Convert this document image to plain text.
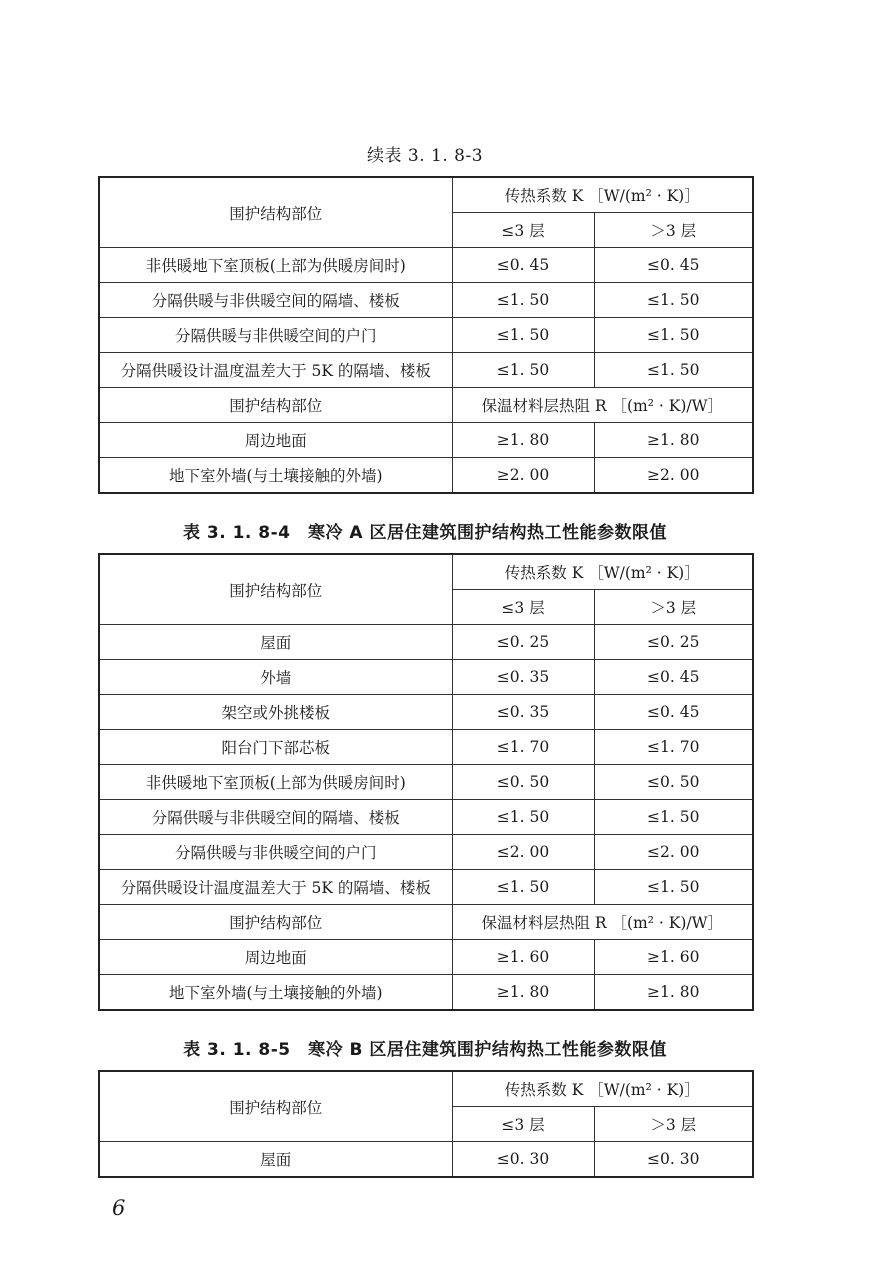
续表 3. 1. 8-3
围护结构部位	传热系数 K ［W/(m² · K)］	
	≤3 层	＞3 层
非供暖地下室顶板(上部为供暖房间时)	≤0. 45	≤0. 45
分隔供暖与非供暖空间的隔墙、楼板	≤1. 50	≤1. 50
分隔供暖与非供暖空间的户门	≤1. 50	≤1. 50
分隔供暖设计温度温差大于 5K 的隔墙、楼板	≤1. 50	≤1. 50
围护结构部位	保温材料层热阻 R ［(m² · K)/W］	
周边地面	≥1. 80	≥1. 80
地下室外墙(与土壤接触的外墙)	≥2. 00	≥2. 00
表 3. 1. 8-4　寒冷 A 区居住建筑围护结构热工性能参数限值
围护结构部位	传热系数 K ［W/(m² · K)］	
	≤3 层	＞3 层
屋面	≤0. 25	≤0. 25
外墙	≤0. 35	≤0. 45
架空或外挑楼板	≤0. 35	≤0. 45
阳台门下部芯板	≤1. 70	≤1. 70
非供暖地下室顶板(上部为供暖房间时)	≤0. 50	≤0. 50
分隔供暖与非供暖空间的隔墙、楼板	≤1. 50	≤1. 50
分隔供暖与非供暖空间的户门	≤2. 00	≤2. 00
分隔供暖设计温度温差大于 5K 的隔墙、楼板	≤1. 50	≤1. 50
围护结构部位	保温材料层热阻 R ［(m² · K)/W］	
周边地面	≥1. 60	≥1. 60
地下室外墙(与土壤接触的外墙)	≥1. 80	≥1. 80
表 3. 1. 8-5　寒冷 B 区居住建筑围护结构热工性能参数限值
围护结构部位	传热系数 K ［W/(m² · K)］	
	≤3 层	＞3 层
屋面	≤0. 30	≤0. 30
6
